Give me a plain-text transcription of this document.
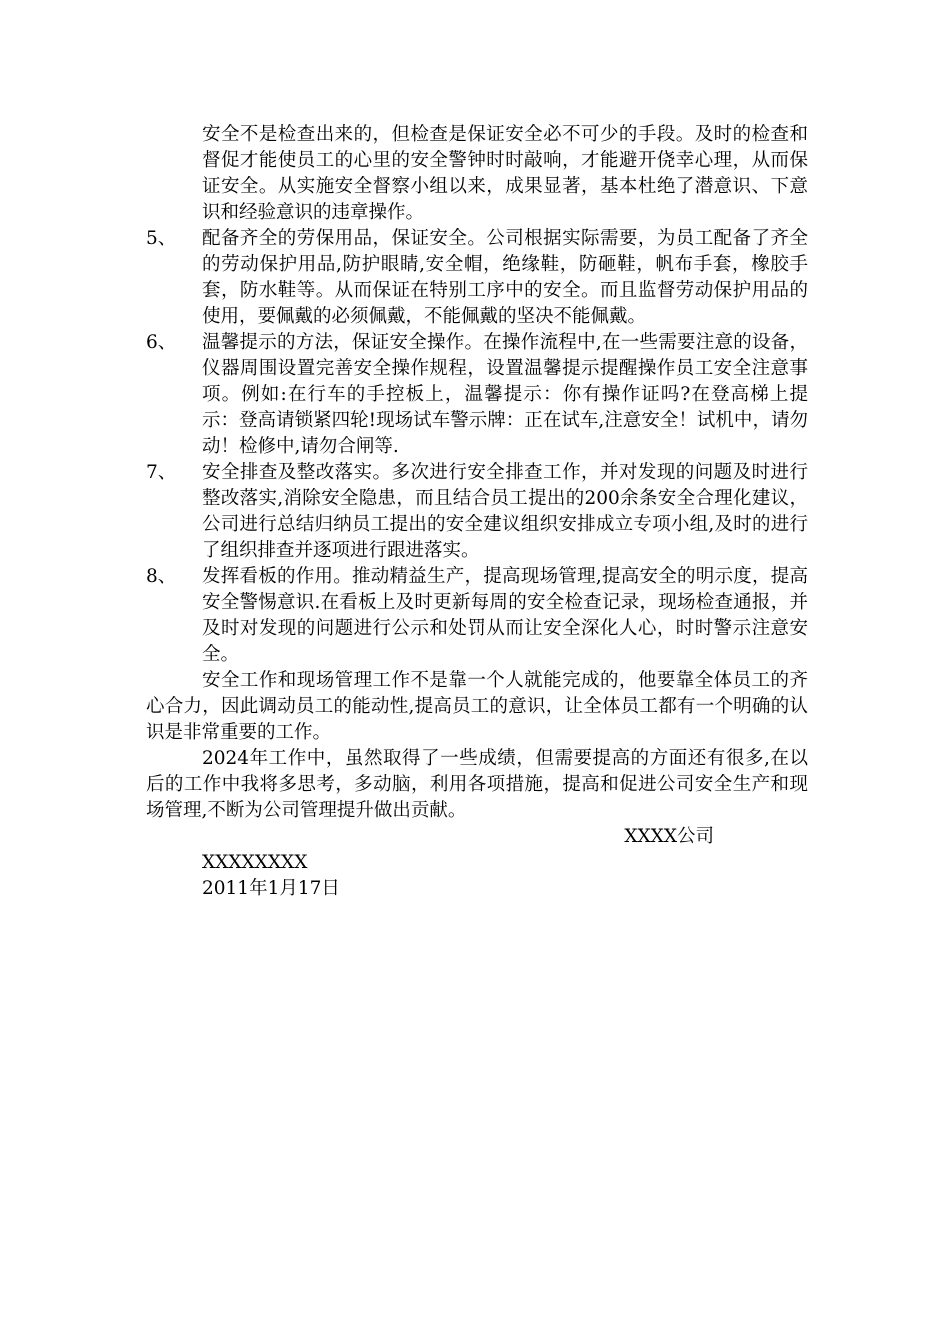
安全不是检查出来的，但检查是保证安全必不可少的手段。及时的检查和督促才能使员工的心里的安全警钟时时敲响，才能避开侥幸心理，从而保证安全。从实施安全督察小组以来，成果显著，基本杜绝了潜意识、下意识和经验意识的违章操作。
5、	配备齐全的劳保用品，保证安全。公司根据实际需要，为员工配备了齐全的劳动保护用品,防护眼睛,安全帽，绝缘鞋，防砸鞋，帆布手套，橡胶手套，防水鞋等。从而保证在特别工序中的安全。而且监督劳动保护用品的使用，要佩戴的必须佩戴，不能佩戴的坚决不能佩戴。
6、	温馨提示的方法，保证安全操作。在操作流程中,在一些需要注意的设备，仪器周围设置完善安全操作规程，设置温馨提示提醒操作员工安全注意事项。例如:在行车的手控板上，温馨提示：你有操作证吗?在登高梯上提示：登高请锁紧四轮!现场试车警示牌：正在试车,注意安全！试机中，请勿动！检修中,请勿合闸等.
7、	安全排查及整改落实。多次进行安全排查工作，并对发现的问题及时进行整改落实,消除安全隐患，而且结合员工提出的200余条安全合理化建议，公司进行总结归纳员工提出的安全建议组织安排成立专项小组,及时的进行了组织排查并逐项进行跟进落实。
8、	发挥看板的作用。推动精益生产，提高现场管理,提高安全的明示度，提高安全警惕意识.在看板上及时更新每周的安全检查记录，现场检查通报，并及时对发现的问题进行公示和处罚从而让安全深化人心，时时警示注意安全。
安全工作和现场管理工作不是靠一个人就能完成的，他要靠全体员工的齐心合力，因此调动员工的能动性,提高员工的意识，让全体员工都有一个明确的认识是非常重要的工作。
2024年工作中，虽然取得了一些成绩，但需要提高的方面还有很多,在以后的工作中我将多思考，多动脑，利用各项措施，提高和促进公司安全生产和现场管理,不断为公司管理提升做出贡献。
XXXX公司
XXXXXXXX
2011年1月17日
